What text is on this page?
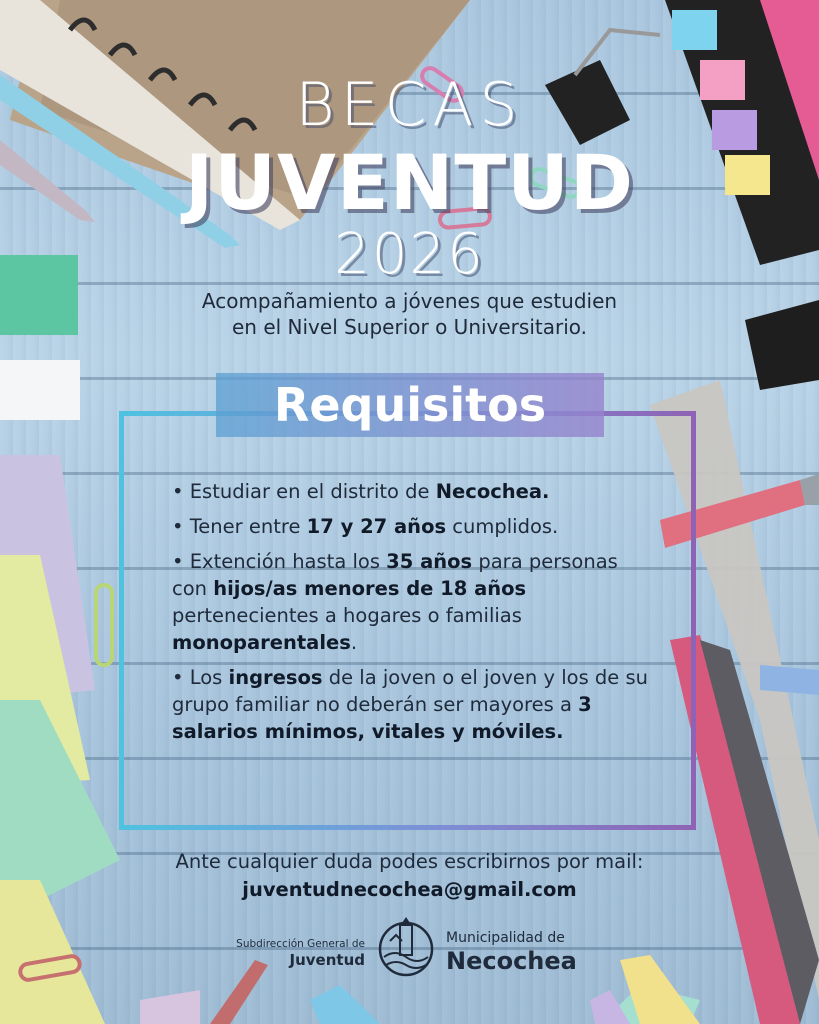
BECAS
JUVENTUD
2026
Acompañamiento a jóvenes que estudien
en el Nivel Superior o Universitario.
Requisitos

• Estudiar en el distrito de Necochea.

• Tener entre 17 y 27 años cumplidos.

• Extención hasta los 35 años para personas con hijos/as menores de 18 años pertenecientes a hogares o familias monoparentales.

• Los ingresos de la joven o el joven y los de su grupo familiar no deberán ser mayores a 3 salarios mínimos, vitales y móviles.

Ante cualquier duda podes escribirnos por mail:
juventudnecochea@gmail.com
Subdirección General de
Juventud
Municipalidad de
Necochea
